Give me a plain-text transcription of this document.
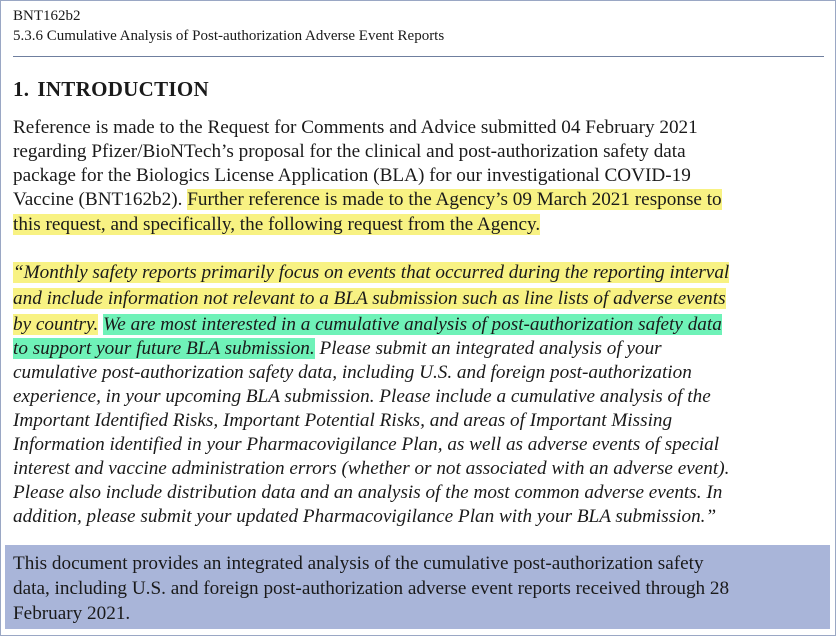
BNT162b2
5.3.6 Cumulative Analysis of Post-authorization Adverse Event Reports
1. INTRODUCTION
Reference is made to the Request for Comments and Advice submitted 04 February 2021
regarding Pfizer/BioNTech’s proposal for the clinical and post-authorization safety data
package for the Biologics License Application (BLA) for our investigational COVID-19
Vaccine (BNT162b2). Further reference is made to the Agency’s 09 March 2021 response to
this request, and specifically, the following request from the Agency.
“Monthly safety reports primarily focus on events that occurred during the reporting interval
and include information not relevant to a BLA submission such as line lists of adverse events
by country. We are most interested in a cumulative analysis of post-authorization safety data
to support your future BLA submission. Please submit an integrated analysis of your
cumulative post-authorization safety data, including U.S. and foreign post-authorization
experience, in your upcoming BLA submission. Please include a cumulative analysis of the
Important Identified Risks, Important Potential Risks, and areas of Important Missing
Information identified in your Pharmacovigilance Plan, as well as adverse events of special
interest and vaccine administration errors (whether or not associated with an adverse event).
Please also include distribution data and an analysis of the most common adverse events. In
addition, please submit your updated Pharmacovigilance Plan with your BLA submission.”
This document provides an integrated analysis of the cumulative post-authorization safety
data, including U.S. and foreign post-authorization adverse event reports received through 28
February 2021.
